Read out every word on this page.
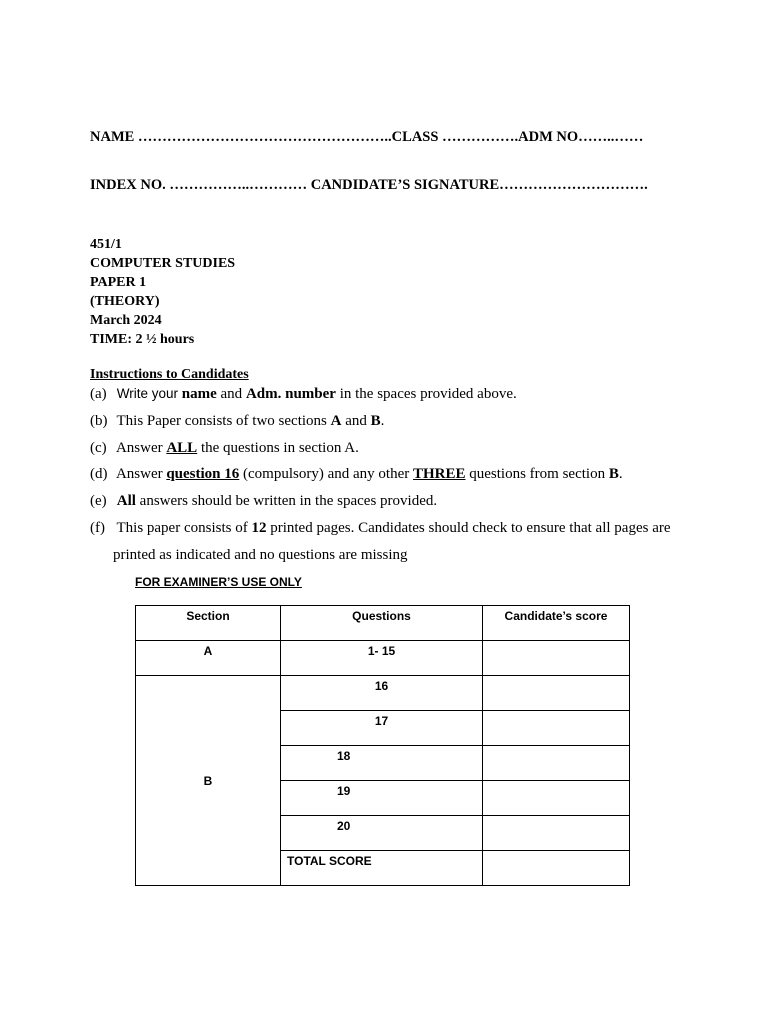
NAME ……………………………………………..CLASS …………….ADM NO……..……
INDEX NO. ……………..………… CANDIDATE’S SIGNATURE………………………….
451/1
COMPUTER STUDIES
PAPER 1
(THEORY)
March 2024
TIME: 2 ½ hours
Instructions to Candidates
(a) Write your name and Adm. number in the spaces provided above.
(b) This Paper consists of two sections A and B.
(c) Answer ALL the questions in section A.
(d) Answer question 16 (compulsory) and any other THREE questions from section B.
(e) All answers should be written in the spaces provided.
(f) This paper consists of 12 printed pages. Candidates should check to ensure that all pages are
printed as indicated and no questions are missing
FOR EXAMINER’S USE ONLY
Section	Questions	Candidate’s score
A	1- 15	
B	16	
	17	
	18	
	19	
	20	
	TOTAL SCORE	
